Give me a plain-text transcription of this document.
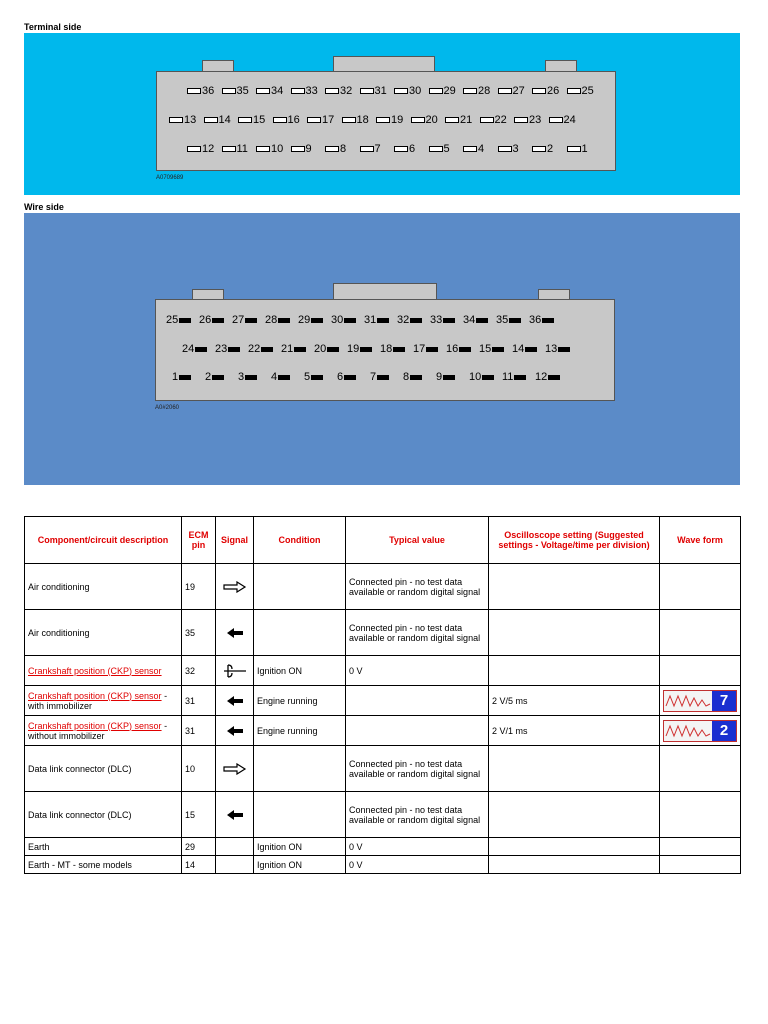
Terminal side
36 35 34 33 32 31 30 29 28 27 26 25
13 14 15 16 17 18 19 20 21 22 23 24
12 11 10 9	8	7	6	5	4	3	2	1
A0709689
Wire side
25 26 27 28 29 30 31 32 33 34 35 36
24 23 22 21 20 19 18 17 16 15 14 13
1 2 3 4 5 6 7 8 9 10 11 12
A0#2060
Component/circuit description	ECM pin	Signal	Condition	Typical value	Oscilloscope setting (Suggested settings - Voltage/time per division)	Wave form
Air conditioning	19			Connected pin - no test data available or random digital signal		
Air conditioning	35			Connected pin - no test data available or random digital signal		
Crankshaft position (CKP) sensor	32		Ignition ON	0 V		
Crankshaft position (CKP) sensor - with immobilizer	31		Engine running		2 V/5 ms	7

Crankshaft position (CKP) sensor - without immobilizer	31		Engine running		2 V/1 ms	2

Data link connector (DLC)	10			Connected pin - no test data available or random digital signal		
Data link connector (DLC)	15			Connected pin - no test data available or random digital signal		
Earth	29		Ignition ON	0 V		
Earth - MT - some models	14		Ignition ON	0 V		
